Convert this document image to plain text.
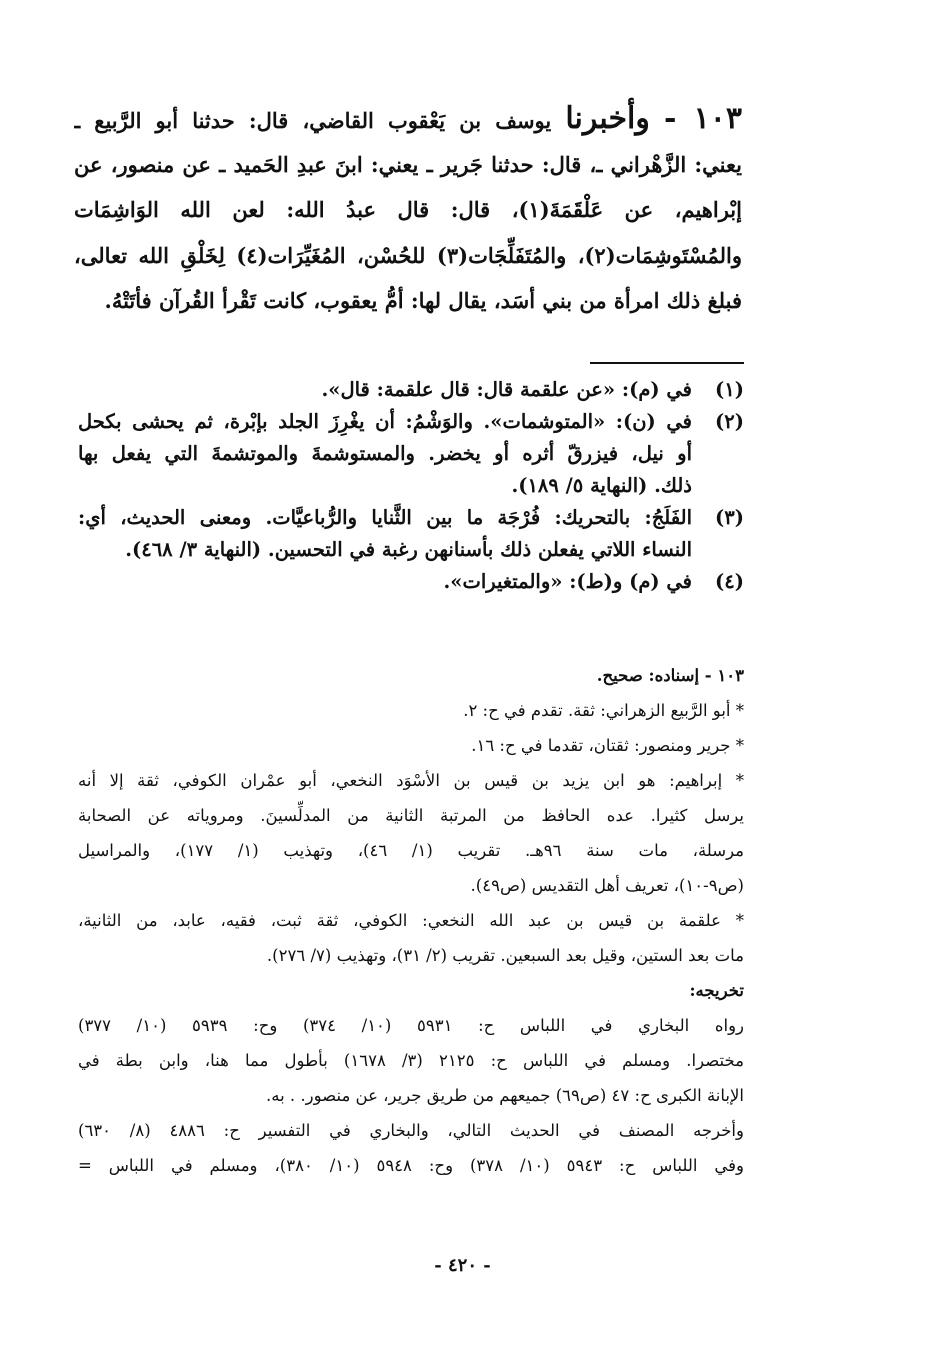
١٠٣ - وأخبرنا يوسف بن يَعْقوب القاضي، قال: حدثنا أبو الرَّبيع ـ
يعني: الزَّهْراني ـ، قال: حدثنا جَرير ـ يعني: ابنَ عبدِ الحَميد ـ عن منصور، عن
إبْراهيم، عن عَلْقَمَةَ(١)، قال: قال عبدُ الله: لعن الله الوَاشِمَات
والمُسْتَوشِمَات(٢)، والمُتَفَلِّجَات(٣) للحُسْن، المُغَيِّرَات(٤) لِخَلْقِ الله تعالى،
فبلغ ذلك امرأة من بني أسَد، يقال لها: أمُّ يعقوب، كانت تَقْرأ القُرآن فأتَتْهُ.
(١)
في (م): «عن علقمة قال: قال علقمة: قال».
(٢)
في (ن): «المتوشمات». والوَشْمُ: أن يغْرِزَ الجلد بإبْرة، ثم يحشى بكحل
أو نيل، فيزرقّ أثره أو يخضر. والمستوشمةَ والموتشمةَ التي يفعل بها
ذلك. (النهاية ٥/ ١٨٩).
(٣)
الفَلَجُ: بالتحريك: فُرْجَة ما بين الثَّنايا والرُّباعيَّات. ومعنى الحديث، أي:
النساء اللاتي يفعلن ذلك بأسنانهن رغبة في التحسين. (النهاية ٣/ ٤٦٨).
(٤)
في (م) و(ط): «والمتغيرات».
١٠٣ - إسناده: صحيح.
* أبو الرَّبيع الزهراني: ثقة. تقدم في ح: ٢.
* جرير ومنصور: ثقتان، تقدما في ح: ١٦.
* إبراهيم: هو ابن يزيد بن قيس بن الأسْوَد النخعي، أبو عمْران الكوفي، ثقة إلا أنه
يرسل كثيرا. عده الحافظ من المرتبة الثانية من المدلِّسينَ. ومروياته عن الصحابة
مرسلة، مات سنة ٩٦هـ. تقريب (١/ ٤٦)، وتهذيب (١/ ١٧٧)، والمراسيل
(ص٩-١٠)، تعريف أهل التقديس (ص٤٩).
* علقمة بن قيس بن عبد الله النخعي: الكوفي، ثقة ثبت، فقيه، عابد، من الثانية،
مات بعد الستين، وقيل بعد السبعين. تقريب (٢/ ٣١)، وتهذيب (٧/ ٢٧٦).
تخريجه:
رواه البخاري في اللباس ح: ٥٩٣١ (١٠/ ٣٧٤) وح: ٥٩٣٩ (١٠/ ٣٧٧)
مختصرا. ومسلم في اللباس ح: ٢١٢٥ (٣/ ١٦٧٨) بأطول مما هنا، وابن بطة في
الإبانة الكبرى ح: ٤٧ (ص٦٩) جميعهم من طريق جرير، عن منصور. . به.
وأخرجه المصنف في الحديث التالي، والبخاري في التفسير ح: ٤٨٨٦ (٨/ ٦٣٠)
وفي اللباس ح: ٥٩٤٣ (١٠/ ٣٧٨) وح: ٥٩٤٨ (١٠/ ٣٨٠)، ومسلم في اللباس =
- ٤٢٠ -
